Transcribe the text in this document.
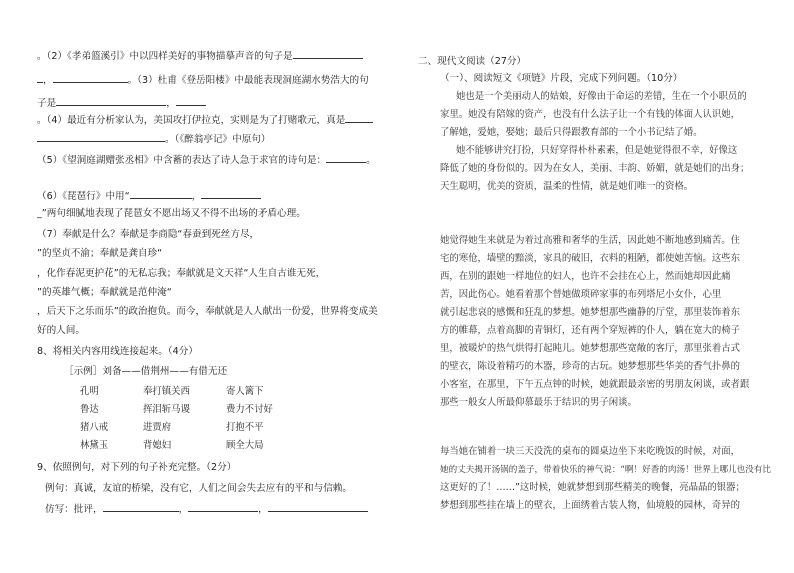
。（2）《孝弟篮溪引》中以四样美好的事物描摹声音的句子是
，	。（3）杜甫《登岳阳楼》中最能表现洞庭湖水势浩大的句
子是	，
。（4）最近有分析家认为，美国攻打伊拉克，实则是为了打赌歌元，真是
。（《醉翁亭记》中原句）
（5）《望洞庭湖赠张丞相》中含蓄的表达了诗人急于求官的诗句是：	。
（6）《琵琶行》中用“	，
_”两句细腻地表现了琵琶女不愿出场又不得不出场的矛盾心理。
（7）奉献是什么？奉献是李商隐“春蚕到死丝方尽，
”的坚贞不渝；奉献是龚自珍“
，化作春泥更护花”的无私忘我；奉献就是文天祥“人生自古谁无死，
”的英雄气概；奉献就是范仲淹“
，后天下之乐而乐”的政治抱负。而今，奉献就是人人献出一份爱，世界将变成美
好的人间。
8、将相关内容用线连接起来。（4分）
［示例］刘备——借荆州——有借无还
孔明	奉打镇关西	寄人篱下
鲁达	挥泪斩马谡	费力不讨好
猪八戒	进贾府	打抱不平
林黛玉	背媳妇	顾全大局
9、依照例句，对下列的句子补充完整。（2分）
例句：真诚，友谊的桥梁，没有它，人们之间会失去应有的平和与信赖。
仿写：批评，	，	，
二、现代文阅读（27分）
（一）、阅读短文《项链》片段，完成下列问题。（10分）
她也是一个美丽动人的姑娘，好像由于命运的差错，生在一个小职员的
家里。她没有陪嫁的资产，也没有什么法子让一个有钱的体面人认识她，
了解她，爱她，娶她；最后只得跟教育部的一个小书记结了婚。
她不能够讲究打扮，只好穿得朴朴素素，但是她觉得很不幸，好像这
降低了她的身份似的。因为在女人，美丽、丰韵、娇媚，就是她们的出身；
天生聪明，优美的资质，温柔的性情，就是她们唯一的资格。
她觉得她生来就是为着过高雅和奢华的生活，因此她不断地感到痛苦。住
宅的寒伧，墙壁的黯淡，家具的破旧，衣料的粗陋，都使她苦恼。这些东
西，在别的跟她一样地位的妇人，也许不会挂在心上，然而她却因此痛
苦，因此伤心。她看着那个替她做琐碎家事的布列塔尼小女仆，心里
就引起悲哀的感慨和狂乱的梦想。她梦想那些幽静的厅堂，那里装饰着东
方的帷幕，点着高脚的青铜灯，还有两个穿短裤的仆人，躺在宽大的椅子
里，被暖炉的热气烘得打起盹儿。她梦想那些宽敞的客厅，那里张着古式
的壁衣，陈设着精巧的木器，珍奇的古玩。她梦想那些华美的香气扑鼻的
小客室，在那里，下午五点钟的时候，她就跟最亲密的男朋友闲谈，或者跟
那些一般女人所最仰慕最乐于结识的男子闲谈。
每当她在铺着一块三天没洗的桌布的圆桌边坐下来吃晚饭的时候，对面，
她的丈夫揭开汤锅的盖子，带着快乐的神气说：“啊！好香的肉汤！世界上哪儿也没有比
这更好的了！……”这时候，她就梦想到那些精美的晚餐，亮晶晶的银器；
梦想到那些挂在墙上的壁衣，上面绣着古装人物，仙境般的园林，奇异的
